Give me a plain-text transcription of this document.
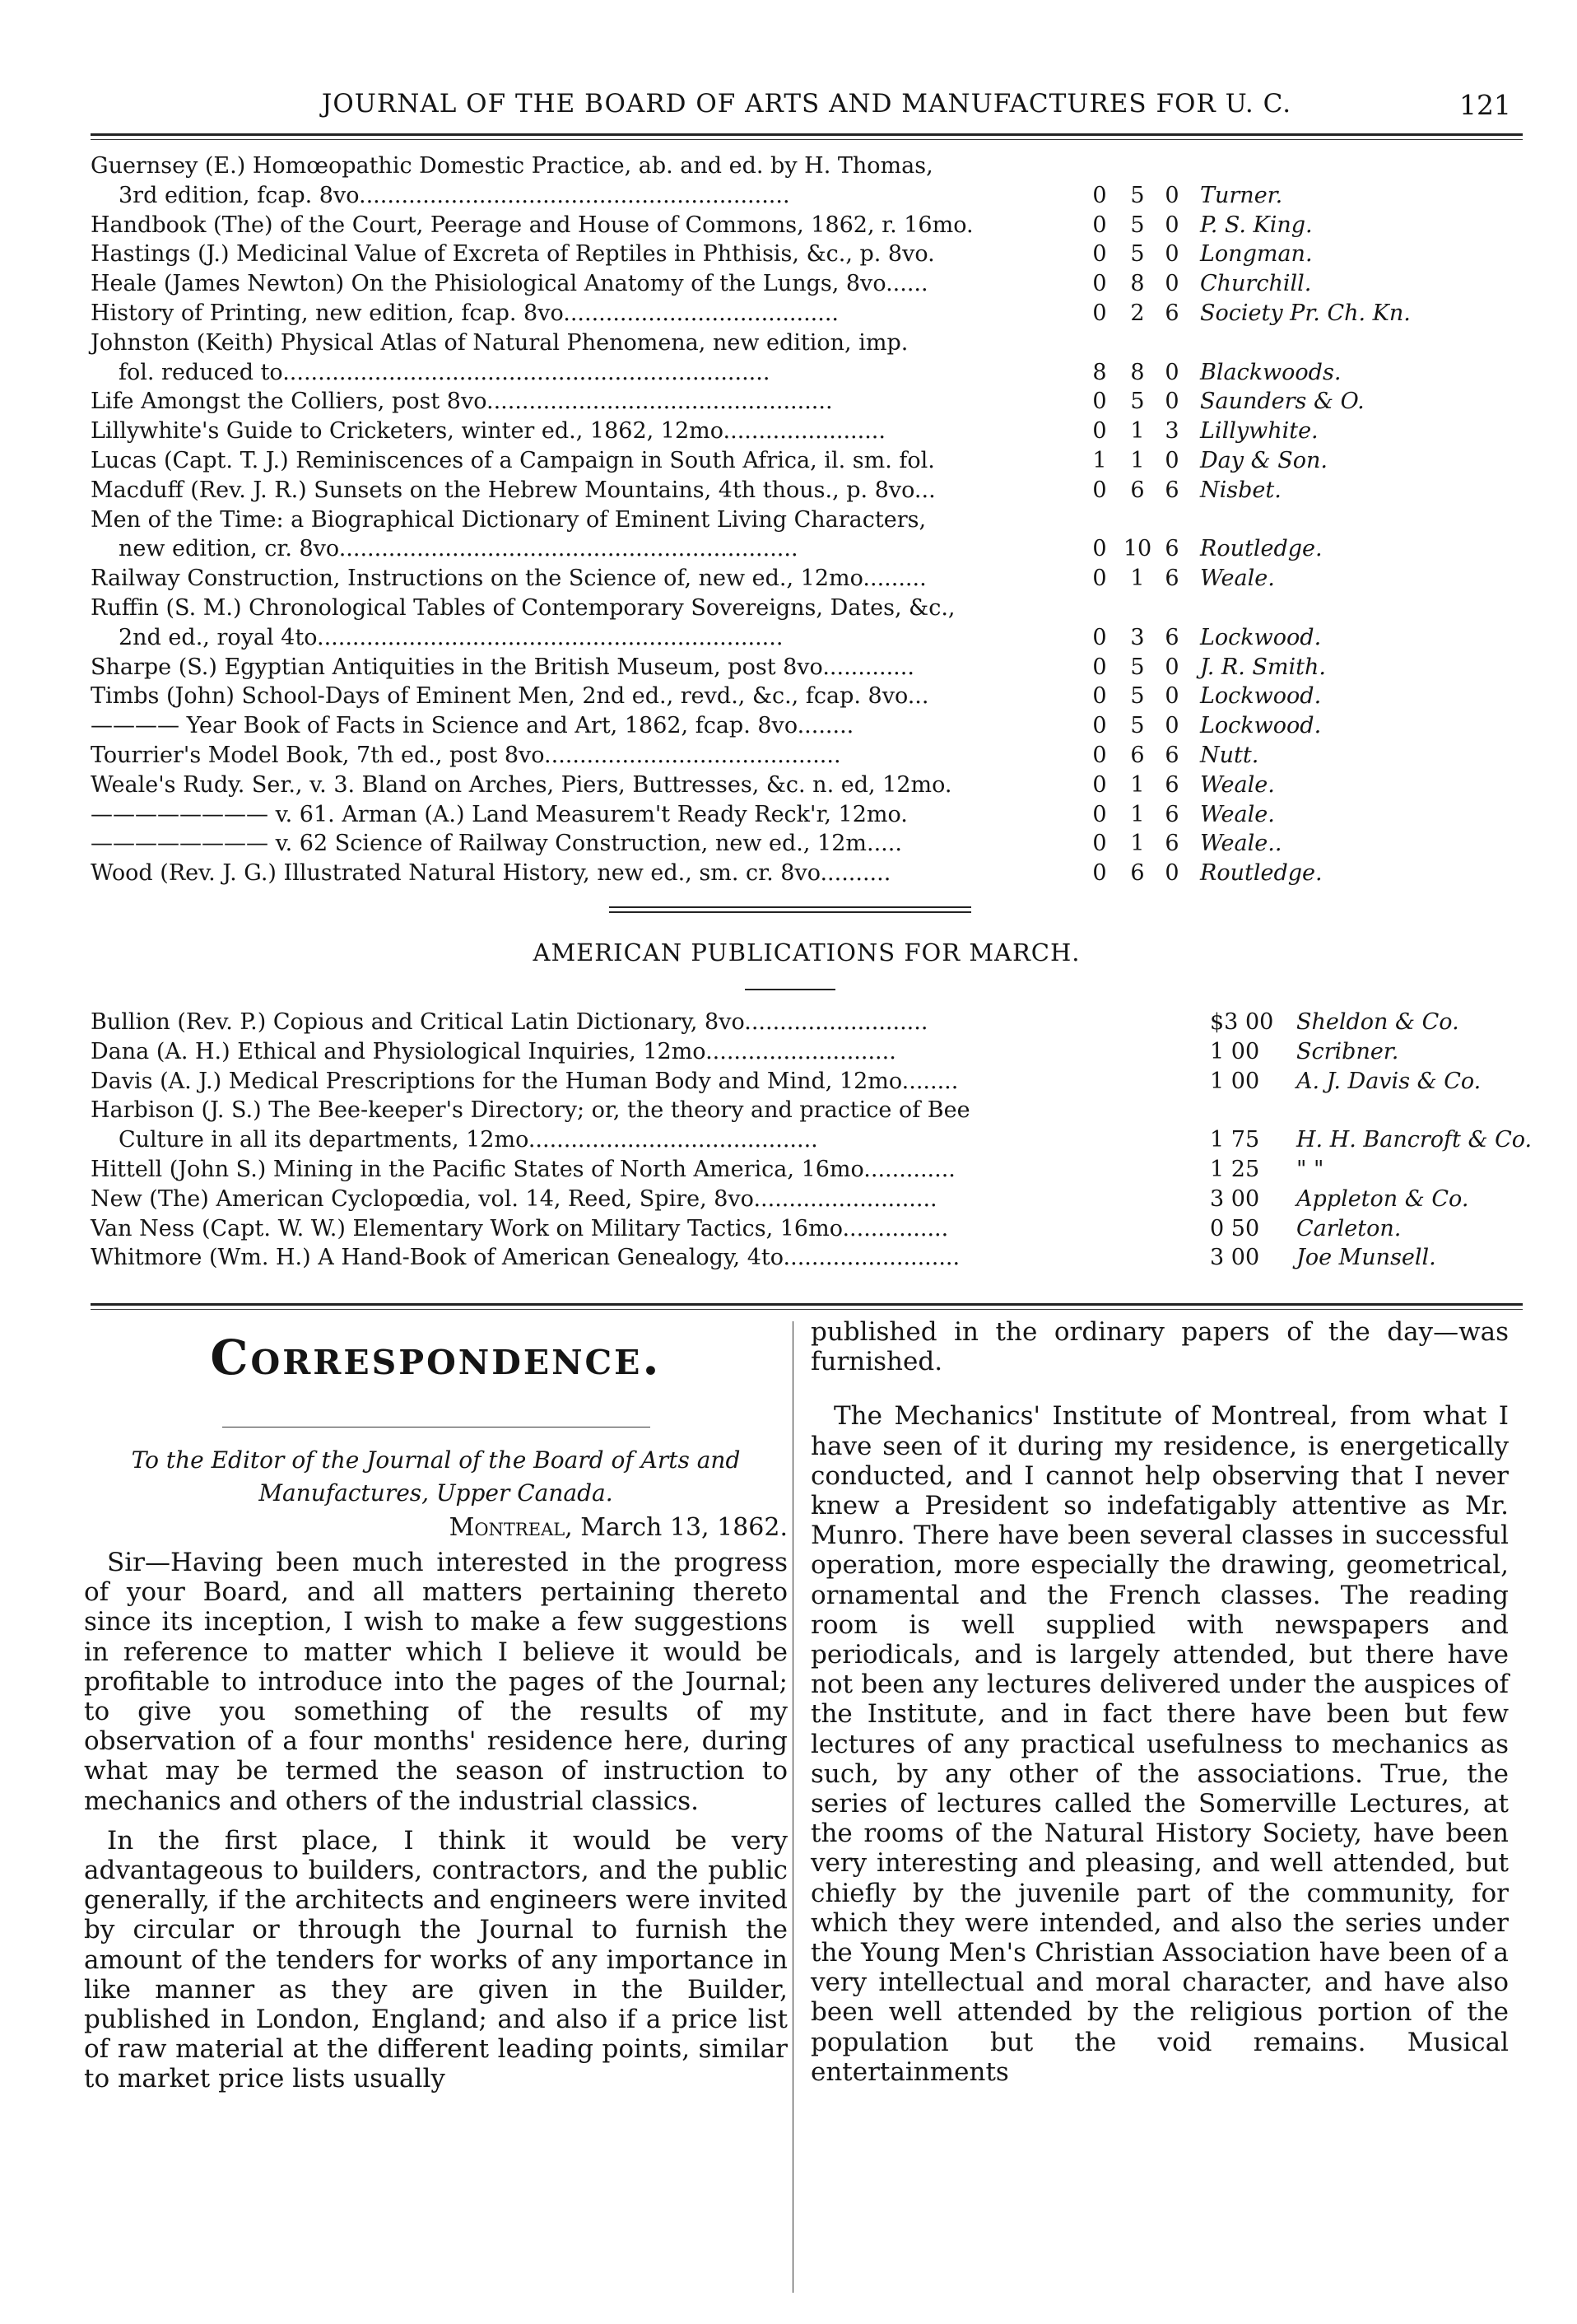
JOURNAL OF THE BOARD OF ARTS AND MANUFACTURES FOR U. C.	121
Guernsey (E.) Homœopathic Domestic Practice, ab. and ed. by H. Thomas,
3rd edition, fcap. 8vo.............................................................	0	5 0 Turner.
Handbook (The) of the Court, Peerage and House of Commons, 1862, r. 16mo.	0	5 0 P. S. King.
Hastings (J.) Medicinal Value of Excreta of Reptiles in Phthisis, &c., p. 8vo.	0	5 0 Longman.
Heale (James Newton) On the Phisiological Anatomy of the Lungs, 8vo......	0	8 0 Churchill.
History of Printing, new edition, fcap. 8vo.......................................	0	2 6 Society Pr. Ch. Kn.
Johnston (Keith) Physical Atlas of Natural Phenomena, new edition, imp.
fol. reduced to.....................................................................	8	8 0 Blackwoods.
Life Amongst the Colliers, post 8vo.................................................	0	5 0 Saunders & O.
Lillywhite's Guide to Cricketers, winter ed., 1862, 12mo.......................	0	1 3 Lillywhite.
Lucas (Capt. T. J.) Reminiscences of a Campaign in South Africa, il. sm. fol.	1	1 0 Day & Son.
Macduff (Rev. J. R.) Sunsets on the Hebrew Mountains, 4th thous., p. 8vo...	0	6 6 Nisbet.
Men of the Time: a Biographical Dictionary of Eminent Living Characters,
new edition, cr. 8vo.................................................................	0 10 6 Routledge.
Railway Construction, Instructions on the Science of, new ed., 12mo.........	0	1 6 Weale.
Ruffin (S. M.) Chronological Tables of Contemporary Sovereigns, Dates, &c.,
2nd ed., royal 4to..................................................................	0	3 6 Lockwood.
Sharpe (S.) Egyptian Antiquities in the British Museum, post 8vo.............	0	5 0 J. R. Smith.
Timbs (John) School-Days of Eminent Men, 2nd ed., revd., &c., fcap. 8vo...	0	5 0 Lockwood.
———— Year Book of Facts in Science and Art, 1862, fcap. 8vo........	0	5 0 Lockwood.
Tourrier's Model Book, 7th ed., post 8vo..........................................	0	6 6 Nutt.
Weale's Rudy. Ser., v. 3. Bland on Arches, Piers, Buttresses, &c. n. ed, 12mo.	0	1 6 Weale.
———————— v. 61. Arman (A.) Land Measurem't Ready Reck'r, 12mo.	0	1 6 Weale.
———————— v. 62 Science of Railway Construction, new ed., 12m.....	0	1 6 Weale..
Wood (Rev. J. G.) Illustrated Natural History, new ed., sm. cr. 8vo..........	0	6 0 Routledge.
AMERICAN PUBLICATIONS FOR MARCH.
Bullion (Rev. P.) Copious and Critical Latin Dictionary, 8vo..........................	$3 00	Sheldon & Co.
Dana (A. H.) Ethical and Physiological Inquiries, 12mo...........................	1 00	Scribner.
Davis (A. J.) Medical Prescriptions for the Human Body and Mind, 12mo........	1 00	A. J. Davis & Co.
Harbison (J. S.) The Bee-keeper's Directory; or, the theory and practice of Bee
Culture in all its departments, 12mo.........................................	1 75	H. H. Bancroft & Co.
Hittell (John S.) Mining in the Pacific States of North America, 16mo.............	1 25	" "
New (The) American Cyclopœdia, vol. 14, Reed, Spire, 8vo..........................	3 00	Appleton & Co.
Van Ness (Capt. W. W.) Elementary Work on Military Tactics, 16mo...............	0 50	Carleton.
Whitmore (Wm. H.) A Hand-Book of American Genealogy, 4to.........................	3 00	Joe Munsell.
Correspondence.
To the Editor of the Journal of the Board of Arts and Manufactures, Upper Canada.
Montreal, March 13, 1862.

Sir—Having been much interested in the progress of your Board, and all matters pertaining thereto since its inception, I wish to make a few suggestions in reference to matter which I believe it would be profitable to introduce into the pages of the Journal; to give you something of the results of my observation of a four months' residence here, during what may be termed the season of instruction to mechanics and others of the industrial classics.

In the first place, I think it would be very advantageous to builders, contractors, and the public generally, if the architects and engineers were invited by circular or through the Journal to furnish the amount of the tenders for works of any importance in like manner as they are given in the Builder, published in London, England; and also if a price list of raw material at the different leading points, similar to market price lists usually

published in the ordinary papers of the day—was furnished.

The Mechanics' Institute of Montreal, from what I have seen of it during my residence, is energetically conducted, and I cannot help observing that I never knew a President so indefatigably attentive as Mr. Munro. There have been several classes in successful operation, more especially the drawing, geometrical, ornamental and the French classes. The reading room is well supplied with newspapers and periodicals, and is largely attended, but there have not been any lectures delivered under the auspices of the Institute, and in fact there have been but few lectures of any practical usefulness to mechanics as such, by any other of the associations. True, the series of lectures called the Somerville Lectures, at the rooms of the Natural History Society, have been very interesting and pleasing, and well attended, but chiefly by the juvenile part of the community, for which they were intended, and also the series under the Young Men's Christian Association have been of a very intellectual and moral character, and have also been well attended by the religious portion of the population but the void remains. Musical entertainments
